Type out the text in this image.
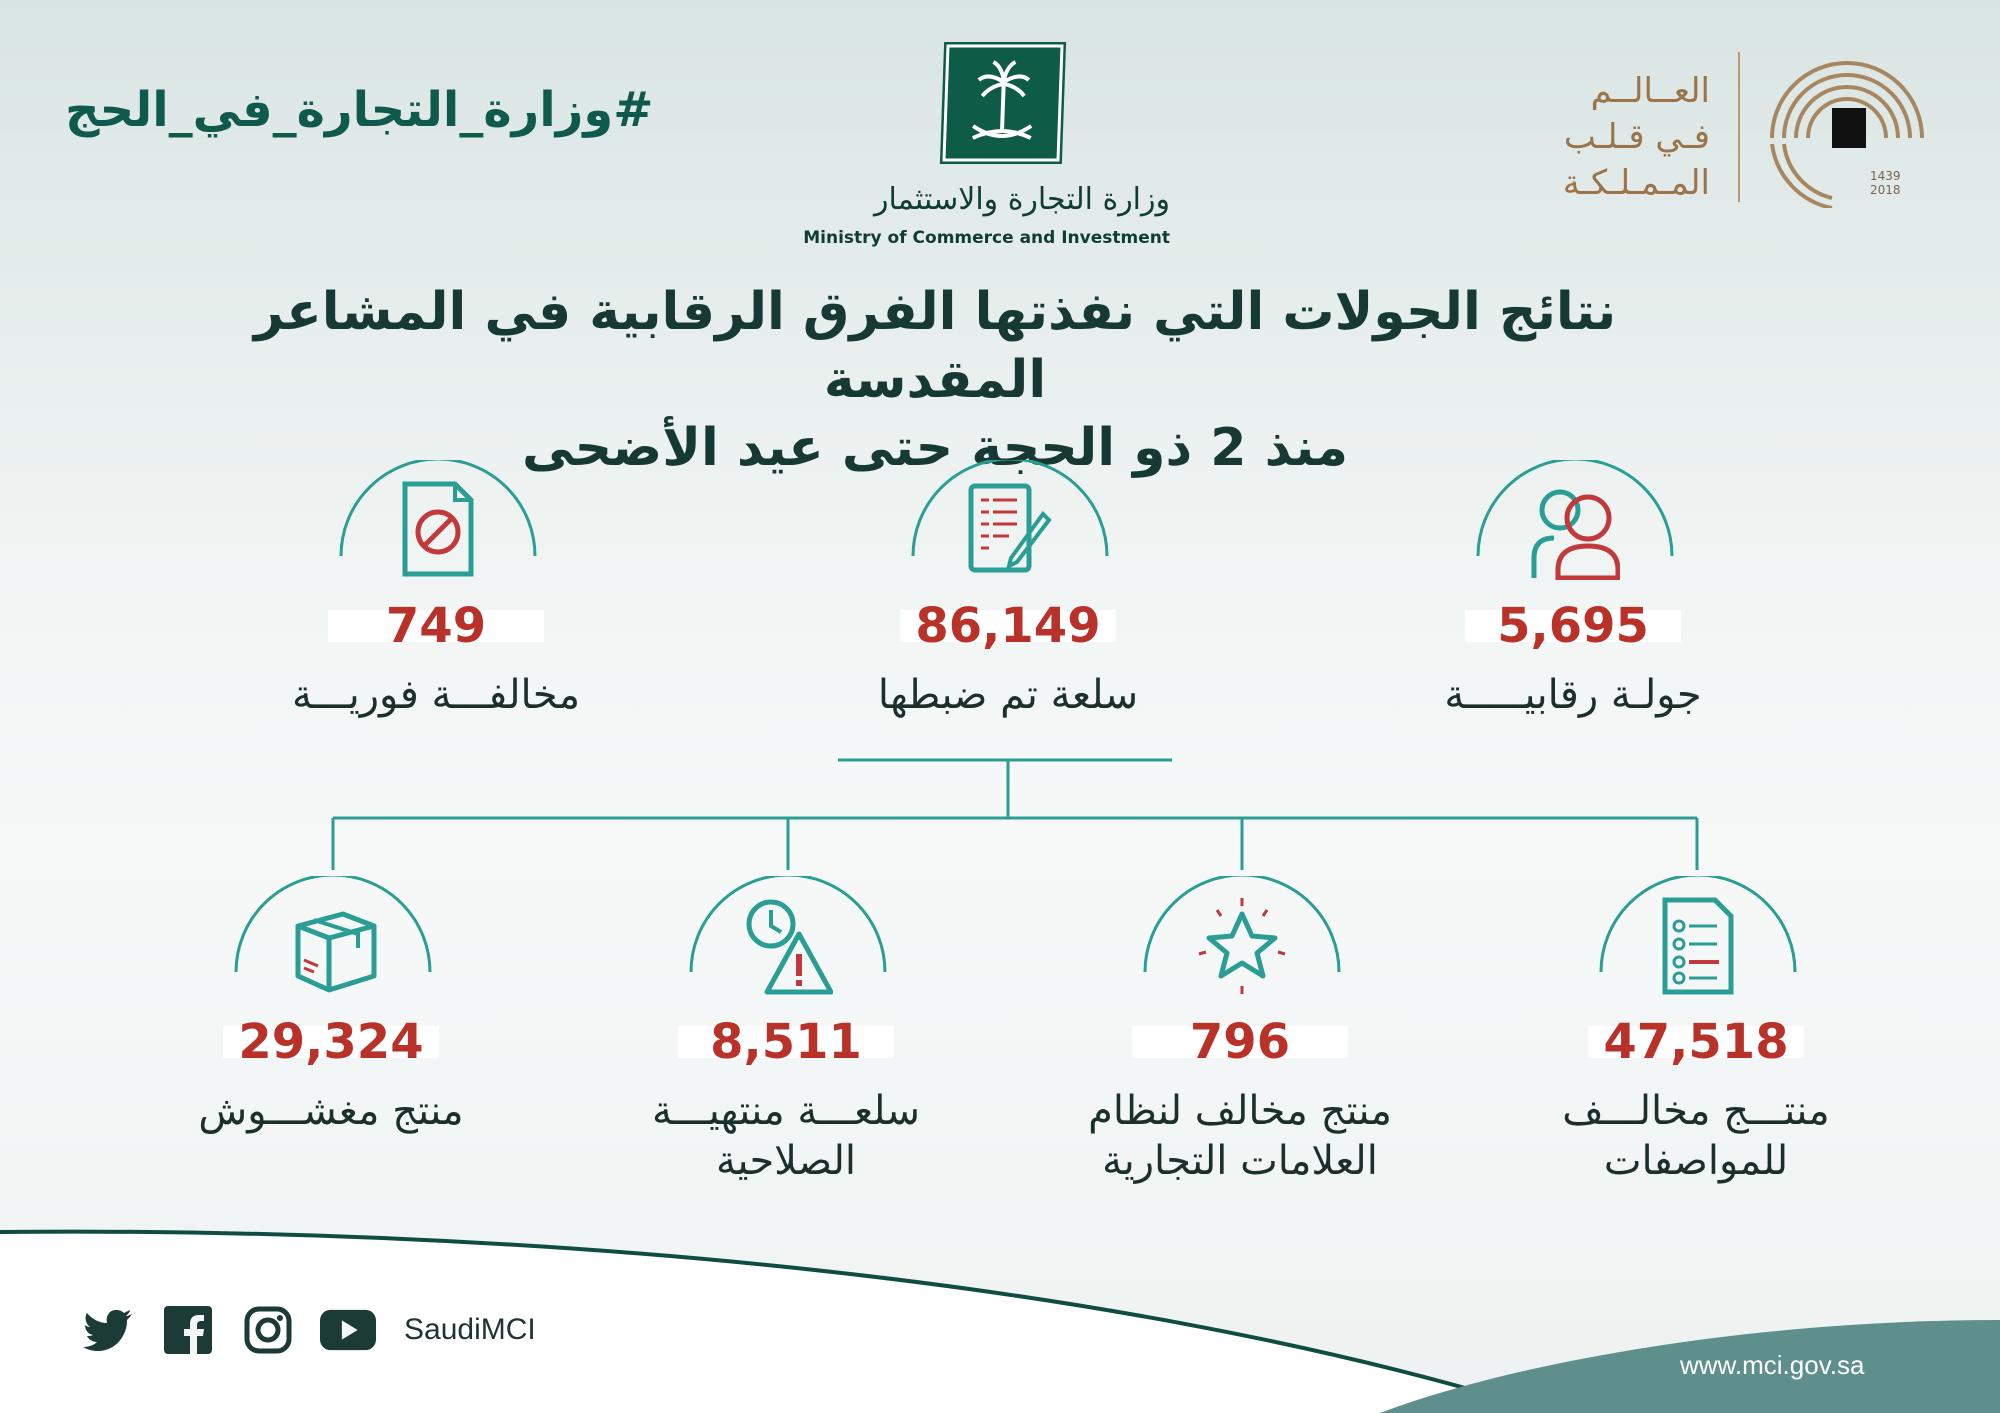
#وزارة_التجارة_في_الحج
وزارة التجارة والاستثمار
Ministry of Commerce and Investment
العــالــم
فـي قـلـب
المـمـلـكـة	1439
2018
نتائج الجولات التي نفذتها الفرق الرقابية في المشاعر المقدسة
منذ 2 ذو الحجة حتى عيد الأضحى
5,695
جولـة رقابيـــــة
86,149
سلعة تم ضبطها
749
مخالفـــة فوريـــة
47,518
منتـــج مخالـــف
للمواصفات
796
منتج مخالف لنظام
العلامات التجارية
8,511
سلعـــة منتهيـــة
الصلاحية
29,324
منتج مغشـــوش
SaudiMCI
www.mci.gov.sa
